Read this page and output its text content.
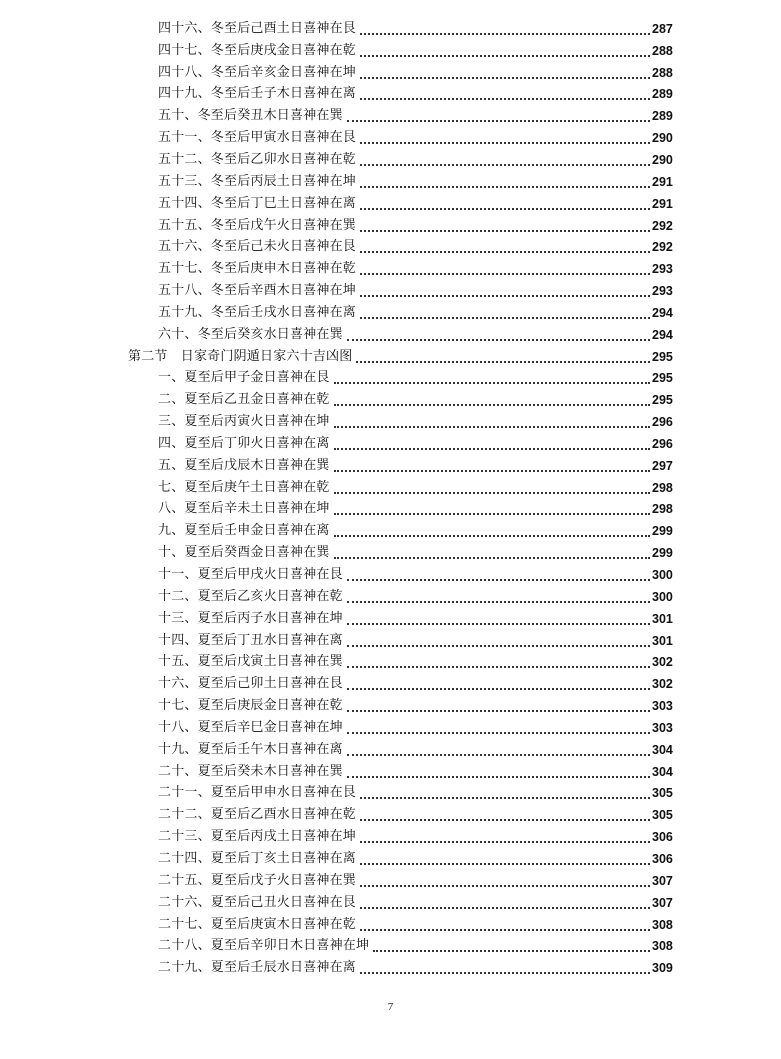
四十六、冬至后己酉土日喜神在艮	287
四十七、冬至后庚戌金日喜神在乾	288
四十八、冬至后辛亥金日喜神在坤	288
四十九、冬至后壬子木日喜神在离	289
五十、冬至后癸丑木日喜神在巽	289
五十一、冬至后甲寅水日喜神在艮	290
五十二、冬至后乙卯水日喜神在乾	290
五十三、冬至后丙辰土日喜神在坤	291
五十四、冬至后丁巳土日喜神在离	291
五十五、冬至后戊午火日喜神在巽	292
五十六、冬至后己未火日喜神在艮	292
五十七、冬至后庚申木日喜神在乾	293
五十八、冬至后辛酉木日喜神在坤	293
五十九、冬至后壬戌水日喜神在离	294
六十、冬至后癸亥水日喜神在巽	294
第二节　日家奇门阴遁日家六十吉凶图	295
一、夏至后甲子金日喜神在艮	295
二、夏至后乙丑金日喜神在乾	295
三、夏至后丙寅火日喜神在坤	296
四、夏至后丁卯火日喜神在离	296
五、夏至后戊辰木日喜神在巽	297
七、夏至后庚午土日喜神在乾	298
八、夏至后辛未土日喜神在坤	298
九、夏至后壬申金日喜神在离	299
十、夏至后癸酉金日喜神在巽	299
十一、夏至后甲戌火日喜神在艮	300
十二、夏至后乙亥火日喜神在乾	300
十三、夏至后丙子水日喜神在坤	301
十四、夏至后丁丑水日喜神在离	301
十五、夏至后戊寅土日喜神在巽	302
十六、夏至后己卯土日喜神在艮	302
十七、夏至后庚辰金日喜神在乾	303
十八、夏至后辛巳金日喜神在坤	303
十九、夏至后壬午木日喜神在离	304
二十、夏至后癸未木日喜神在巽	304
二十一、夏至后甲申水日喜神在艮	305
二十二、夏至后乙酉水日喜神在乾	305
二十三、夏至后丙戌土日喜神在坤	306
二十四、夏至后丁亥土日喜神在离	306
二十五、夏至后戊子火日喜神在巽	307
二十六、夏至后己丑火日喜神在艮	307
二十七、夏至后庚寅木日喜神在乾	308
二十八、夏至后辛卯日木日喜神在坤	308
二十九、夏至后壬辰水日喜神在离	309
7
